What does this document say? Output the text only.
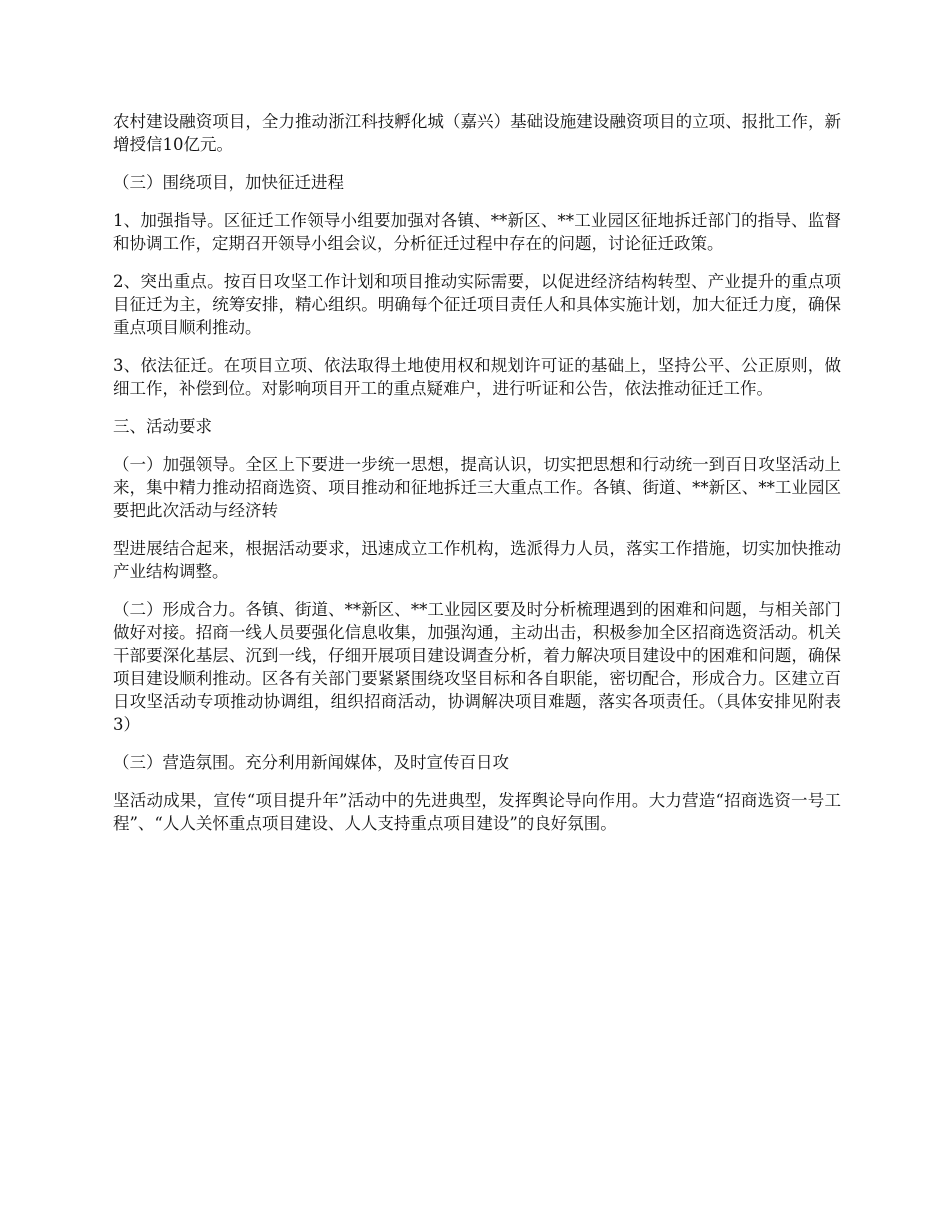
农村建设融资项目，全力推动浙江科技孵化城（嘉兴）基础设施建设融资项目的立项、报批工作，新增授信10亿元。

（三）围绕项目，加快征迁进程

1、加强指导。区征迁工作领导小组要加强对各镇、**新区、**工业园区征地拆迁部门的指导、监督和协调工作，定期召开领导小组会议，分析征迁过程中存在的问题，讨论征迁政策。

2、突出重点。按百日攻坚工作计划和项目推动实际需要，以促进经济结构转型、产业提升的重点项目征迁为主，统筹安排，精心组织。明确每个征迁项目责任人和具体实施计划，加大征迁力度，确保重点项目顺利推动。

3、依法征迁。在项目立项、依法取得土地使用权和规划许可证的基础上，坚持公平、公正原则，做细工作，补偿到位。对影响项目开工的重点疑难户，进行听证和公告，依法推动征迁工作。

三、活动要求

（一）加强领导。全区上下要进一步统一思想，提高认识，切实把思想和行动统一到百日攻坚活动上来，集中精力推动招商选资、项目推动和征地拆迁三大重点工作。各镇、街道、**新区、**工业园区要把此次活动与经济转

型进展结合起来，根据活动要求，迅速成立工作机构，选派得力人员，落实工作措施，切实加快推动产业结构调整。

（二）形成合力。各镇、街道、**新区、**工业园区要及时分析梳理遇到的困难和问题，与相关部门做好对接。招商一线人员要强化信息收集，加强沟通，主动出击，积极参加全区招商选资活动。机关干部要深化基层、沉到一线，仔细开展项目建设调查分析，着力解决项目建设中的困难和问题，确保项目建设顺利推动。区各有关部门要紧紧围绕攻坚目标和各自职能，密切配合，形成合力。区建立百日攻坚活动专项推动协调组，组织招商活动，协调解决项目难题，落实各项责任。（具体安排见附表3）

（三）营造氛围。充分利用新闻媒体，及时宣传百日攻

坚活动成果，宣传“项目提升年”活动中的先进典型，发挥舆论导向作用。大力营造“招商选资一号工程”、“人人关怀重点项目建设、人人支持重点项目建设”的良好氛围。
